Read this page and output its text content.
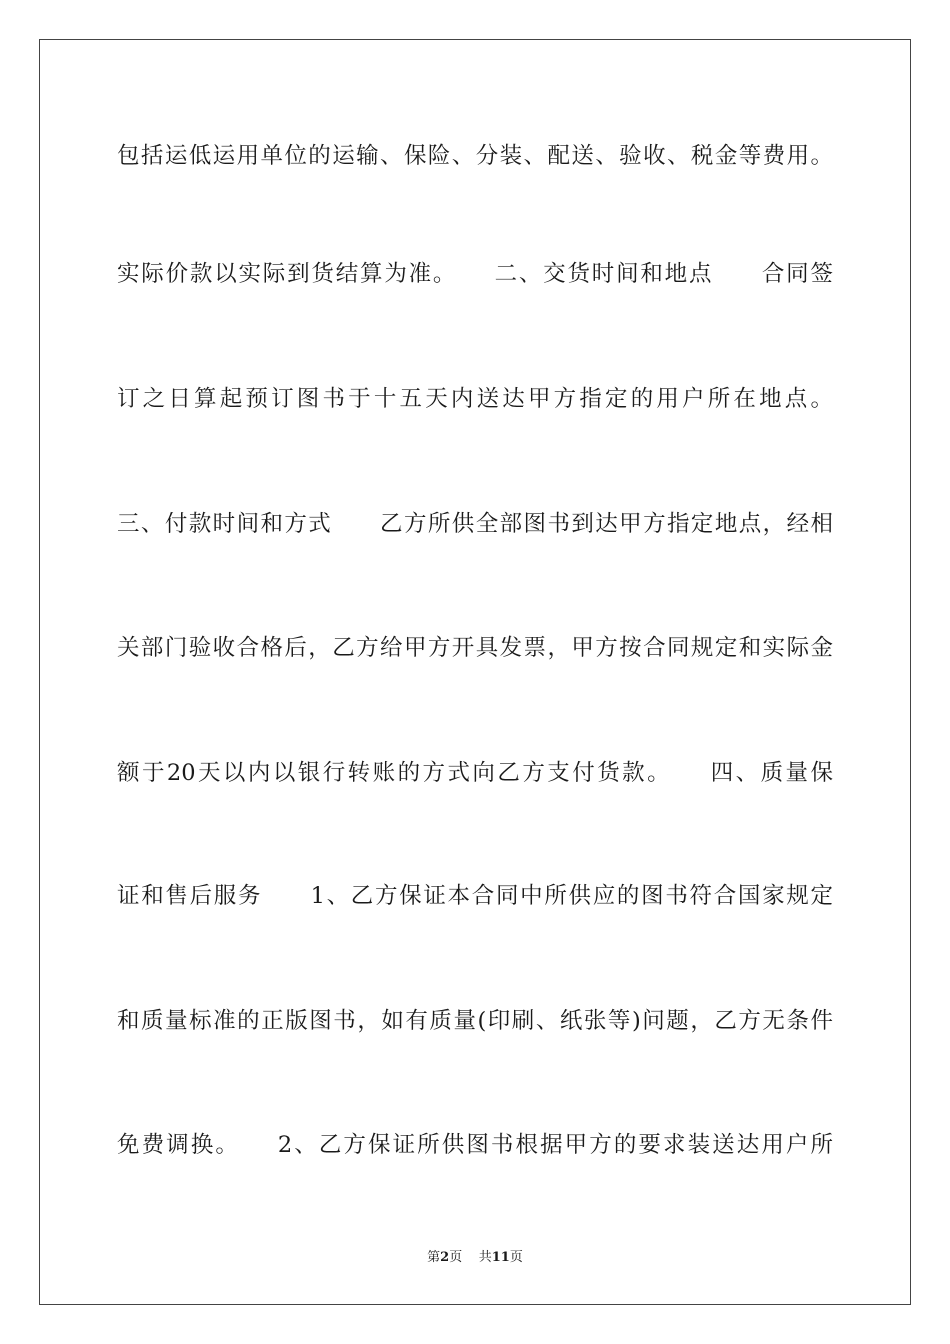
包括运低运用单位的运输、保险、分装、配送、验收、税金等费用。
实际价款以实际到货结算为准。　　二、交货时间和地点　　合同签
订之日算起预订图书于十五天内送达甲方指定的用户所在地点。
三、付款时间和方式　　乙方所供全部图书到达甲方指定地点，经相
关部门验收合格后，乙方给甲方开具发票，甲方按合同规定和实际金
额于20天以内以银行转账的方式向乙方支付货款。　　四、质量保
证和售后服务　　1、乙方保证本合同中所供应的图书符合国家规定
和质量标准的正版图书，如有质量(印刷、纸张等)问题，乙方无条件
免费调换。　　2、乙方保证所供图书根据甲方的要求装送达用户所
第2页 共11页
